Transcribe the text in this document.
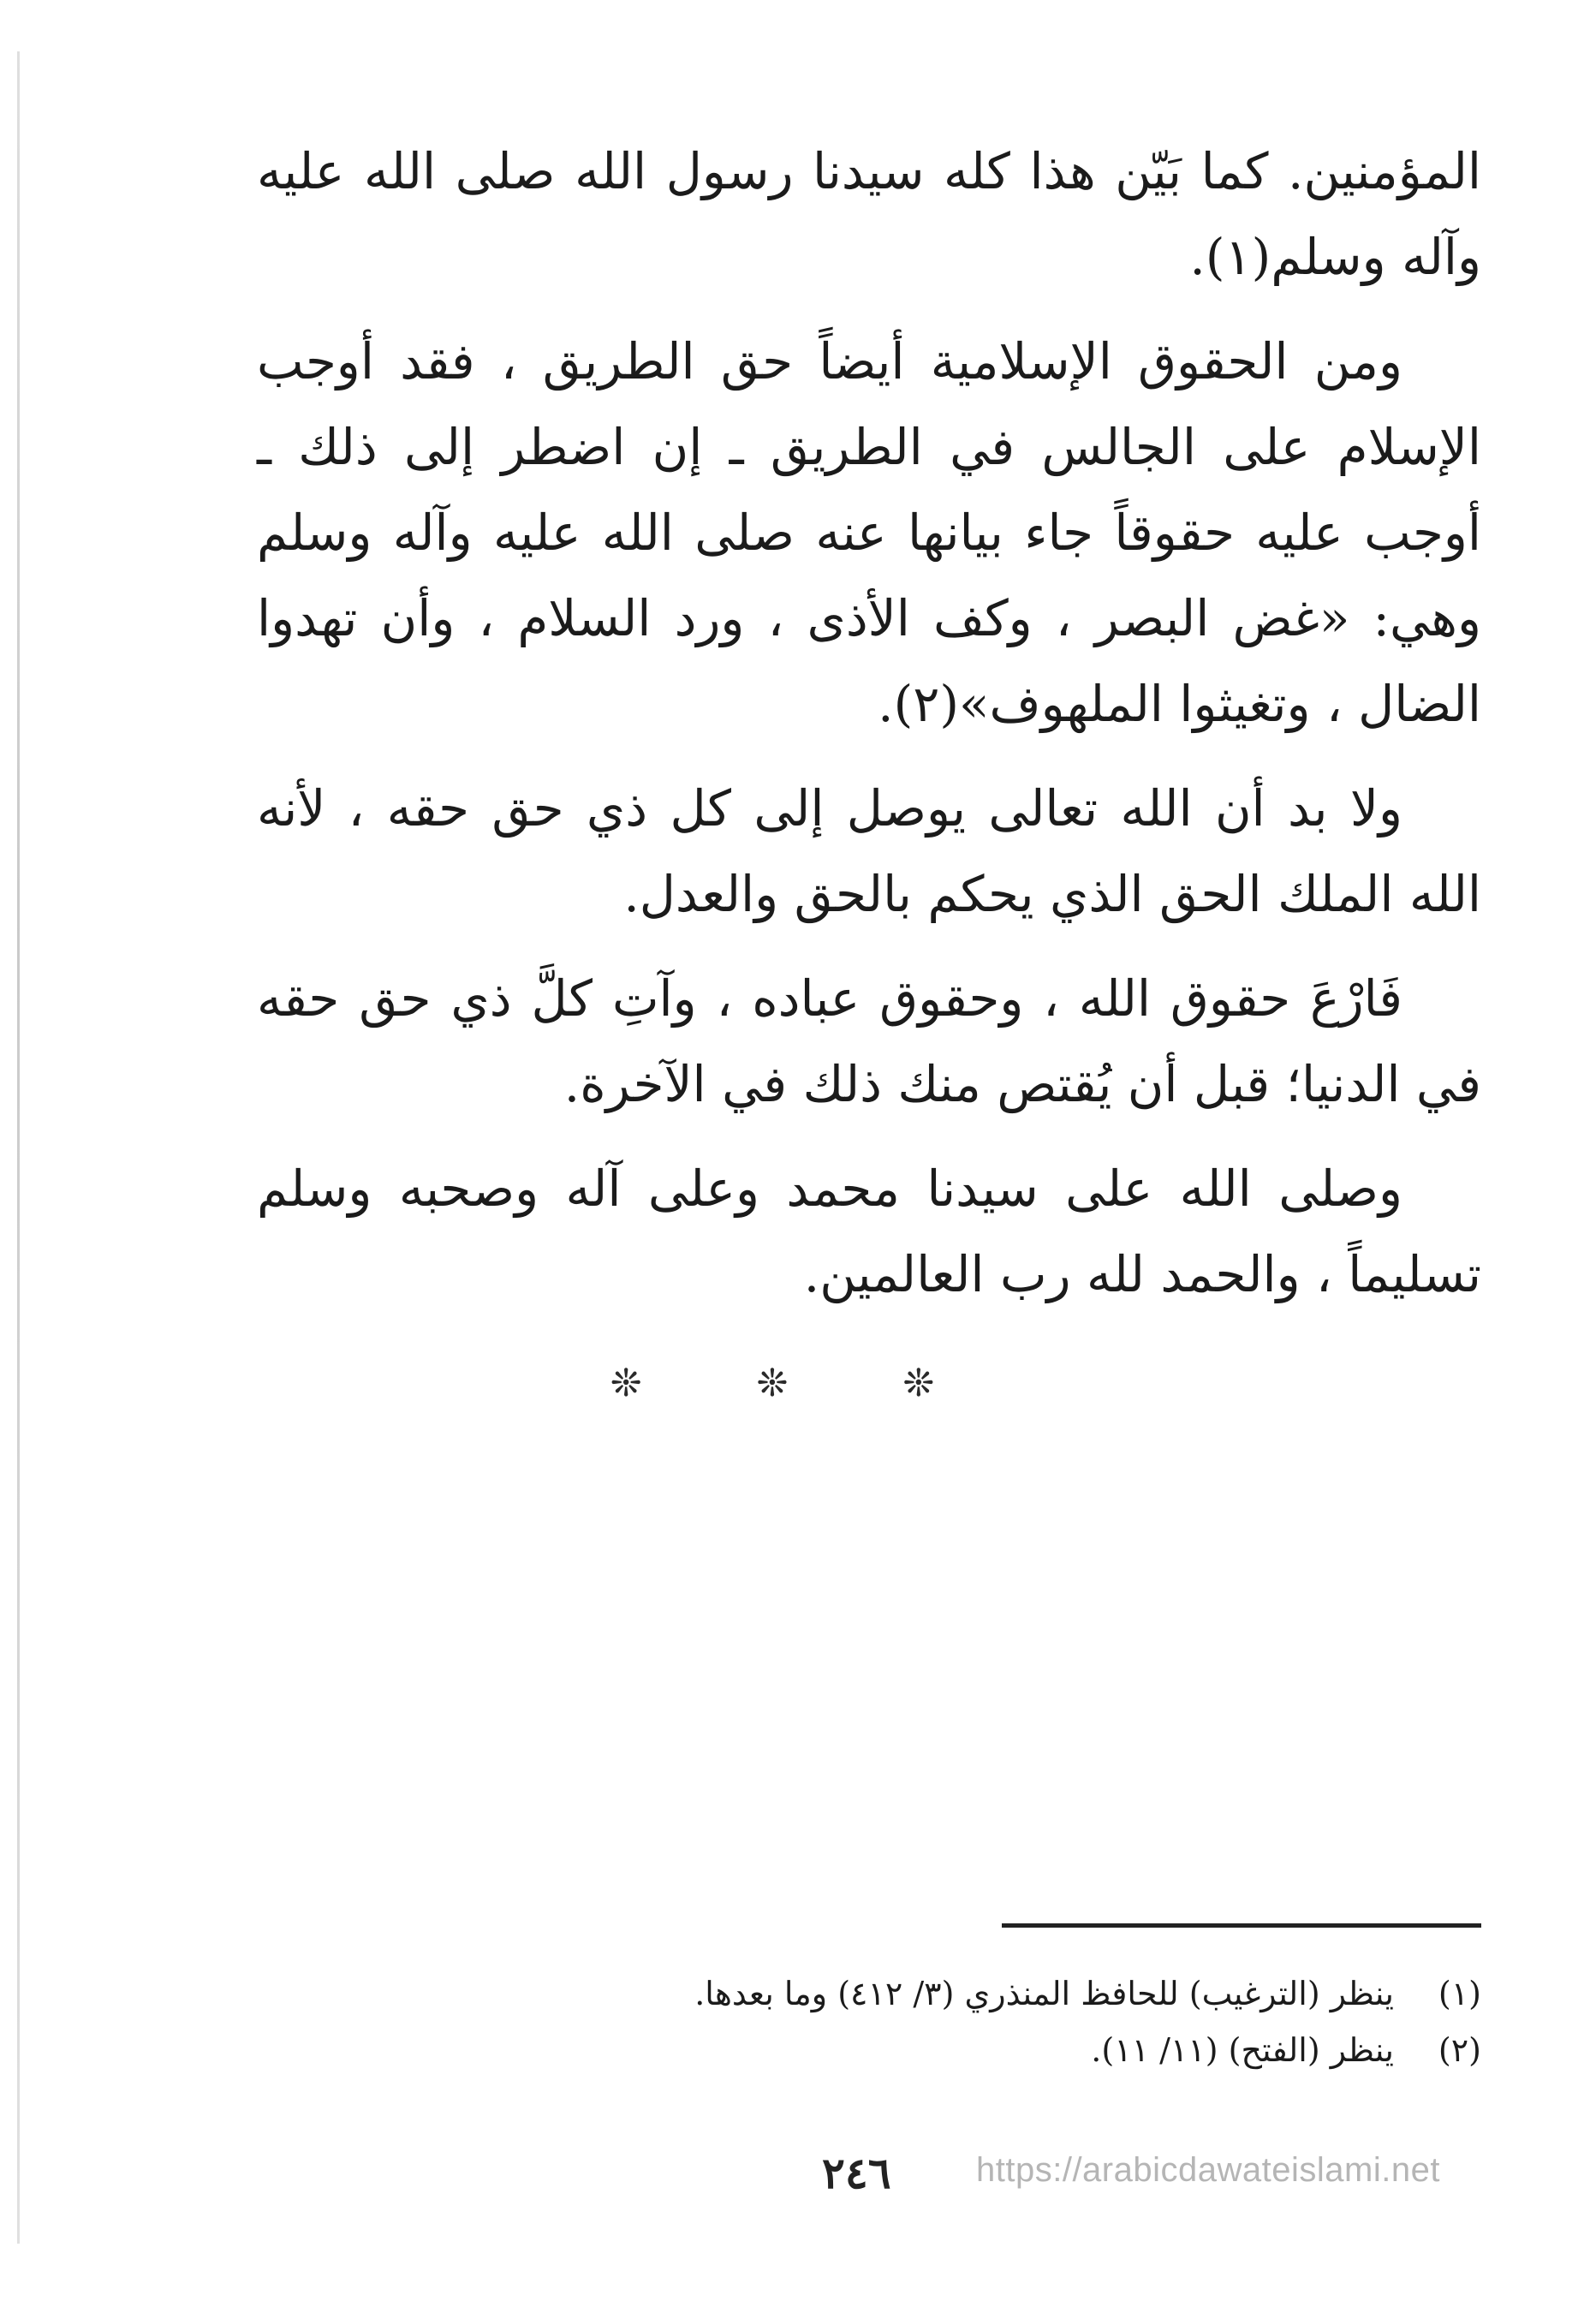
المؤمنين. كما بَيّن هذا كله سيدنا رسول الله صلى الله عليه وآله وسلم(١).

ومن الحقوق الإسلامية أيضاً حق الطريق ، فقد أوجب الإسلام على الجالس في الطريق ـ إن اضطر إلى ذلك ـ أوجب عليه حقوقاً جاء بيانها عنه صلى الله عليه وآله وسلم وهي: «غض البصر ، وكف الأذى ، ورد السلام ، وأن تهدوا الضال ، وتغيثوا الملهوف»(٢).

ولا بد أن الله تعالى يوصل إلى كل ذي حق حقه ، لأنه الله الملك الحق الذي يحكم بالحق والعدل.

فَارْعَ حقوق الله ، وحقوق عباده ، وآتِ كلَّ ذي حق حقه في الدنيا؛ قبل أن يُقتص منك ذلك في الآخرة.

وصلى الله على سيدنا محمد وعلى آله وصحبه وسلم تسليماً ، والحمد لله رب العالمين.

❊ ❊ ❊
(١) ينظر (الترغيب) للحافظ المنذري (٣/ ٤١٢) وما بعدها.
(٢) ينظر (الفتح) (١١/ ١١).
٢٤٦ https://arabicdawateislami.net
